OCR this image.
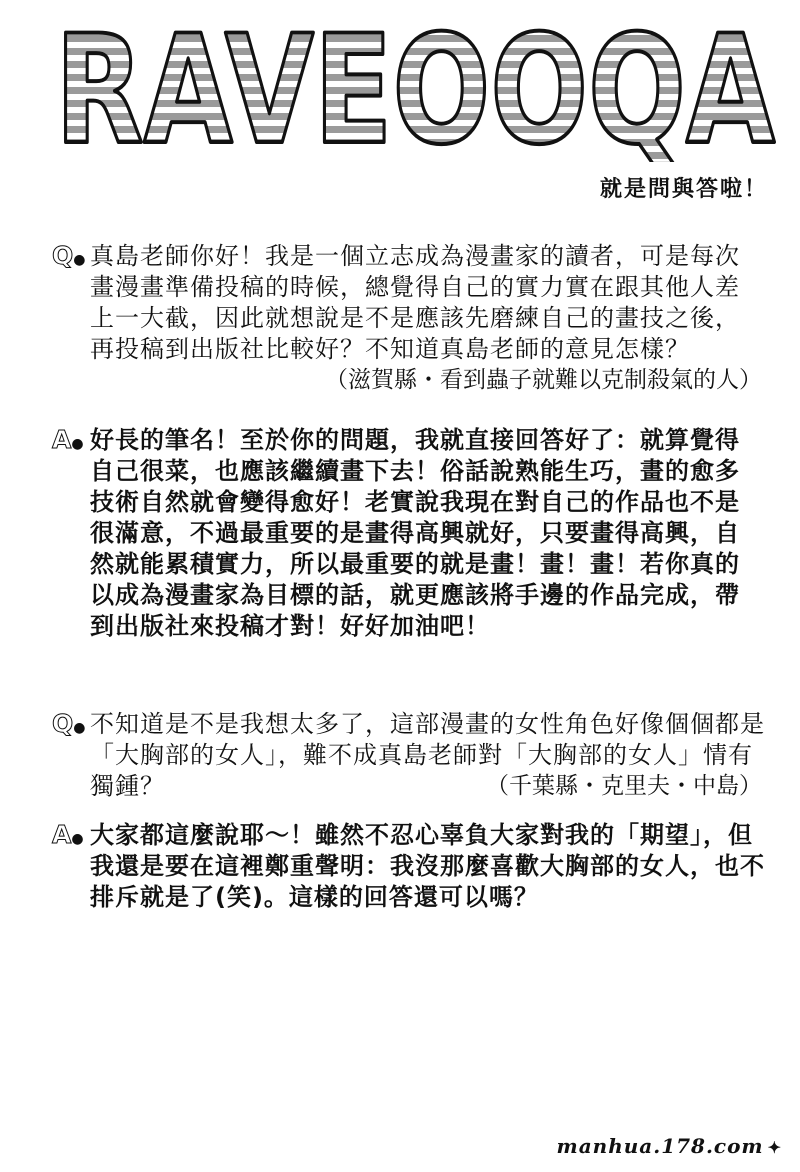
RAVEOOQA
就是問與答啦！
Q● 真島老師你好！我是一個立志成為漫畫家的讀者，可是每次
畫漫畫準備投稿的時候，總覺得自己的實力實在跟其他人差
上一大截，因此就想說是不是應該先磨練自己的畫技之後，
再投稿到出版社比較好？不知道真島老師的意見怎樣？
（滋賀縣・看到蟲子就難以克制殺氣的人）
A● 好長的筆名！至於你的問題，我就直接回答好了：就算覺得
自己很菜，也應該繼續畫下去！俗話說熟能生巧，畫的愈多
技術自然就會變得愈好！老實說我現在對自己的作品也不是
很滿意，不過最重要的是畫得高興就好，只要畫得高興，自
然就能累積實力，所以最重要的就是畫！畫！畫！若你真的
以成為漫畫家為目標的話，就更應該將手邊的作品完成，帶
到出版社來投稿才對！好好加油吧！
Q● 不知道是不是我想太多了，這部漫畫的女性角色好像個個都是
「大胸部的女人」，難不成真島老師對「大胸部的女人」情有
獨鍾？	（千葉縣・克里夫・中島）
A● 大家都這麼說耶～！雖然不忍心辜負大家對我的「期望」，但
我還是要在這裡鄭重聲明：我沒那麼喜歡大胸部的女人，也不
排斥就是了(笑)。這樣的回答還可以嗎？
manhua.178.com ✦
